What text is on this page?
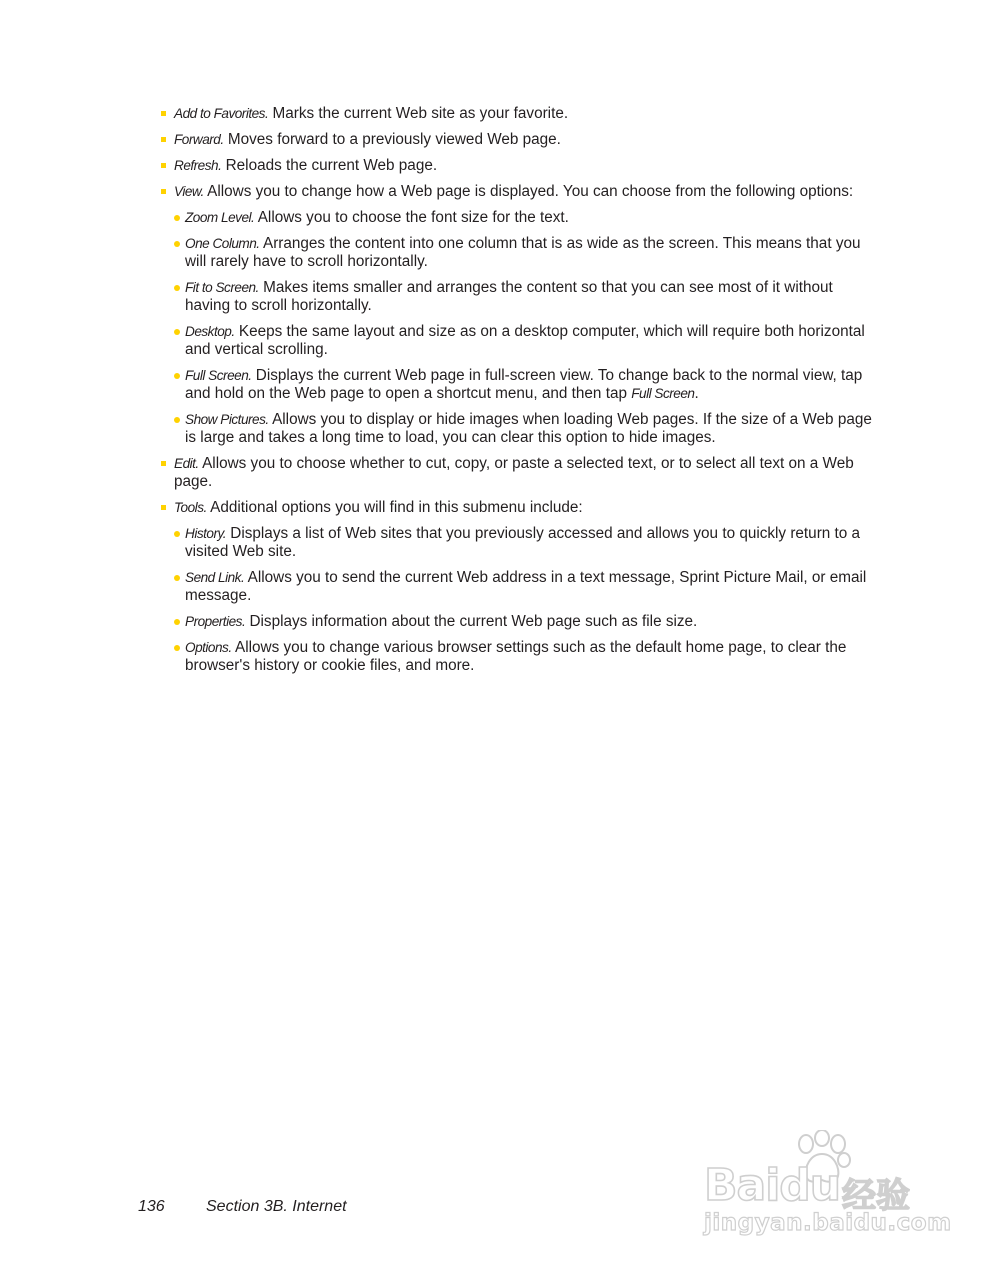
Add to Favorites. Marks the current Web site as your favorite.
Forward. Moves forward to a previously viewed Web page.
Refresh. Reloads the current Web page.
View. Allows you to change how a Web page is displayed. You can choose from the following options:
Zoom Level. Allows you to choose the font size for the text.
One Column. Arranges the content into one column that is as wide as the screen. This means that you will rarely have to scroll horizontally.
Fit to Screen. Makes items smaller and arranges the content so that you can see most of it without having to scroll horizontally.
Desktop. Keeps the same layout and size as on a desktop computer, which will require both horizontal and vertical scrolling.
Full Screen. Displays the current Web page in full-screen view. To change back to the normal view, tap and hold on the Web page to open a shortcut menu, and then tap Full Screen.
Show Pictures. Allows you to display or hide images when loading Web pages. If the size of a Web page is large and takes a long time to load, you can clear this option to hide images.
Edit. Allows you to choose whether to cut, copy, or paste a selected text, or to select all text on a Web page.
Tools. Additional options you will find in this submenu include:
History. Displays a list of Web sites that you previously accessed and allows you to quickly return to a visited Web site.
Send Link. Allows you to send the current Web address in a text message, Sprint Picture Mail, or email message.
Properties. Displays information about the current Web page such as file size.
Options. Allows you to change various browser settings such as the default home page, to clear the browser's history or cookie files, and more.
136	Section 3B. Internet	Baidu 经验
jingyan.baidu.com
